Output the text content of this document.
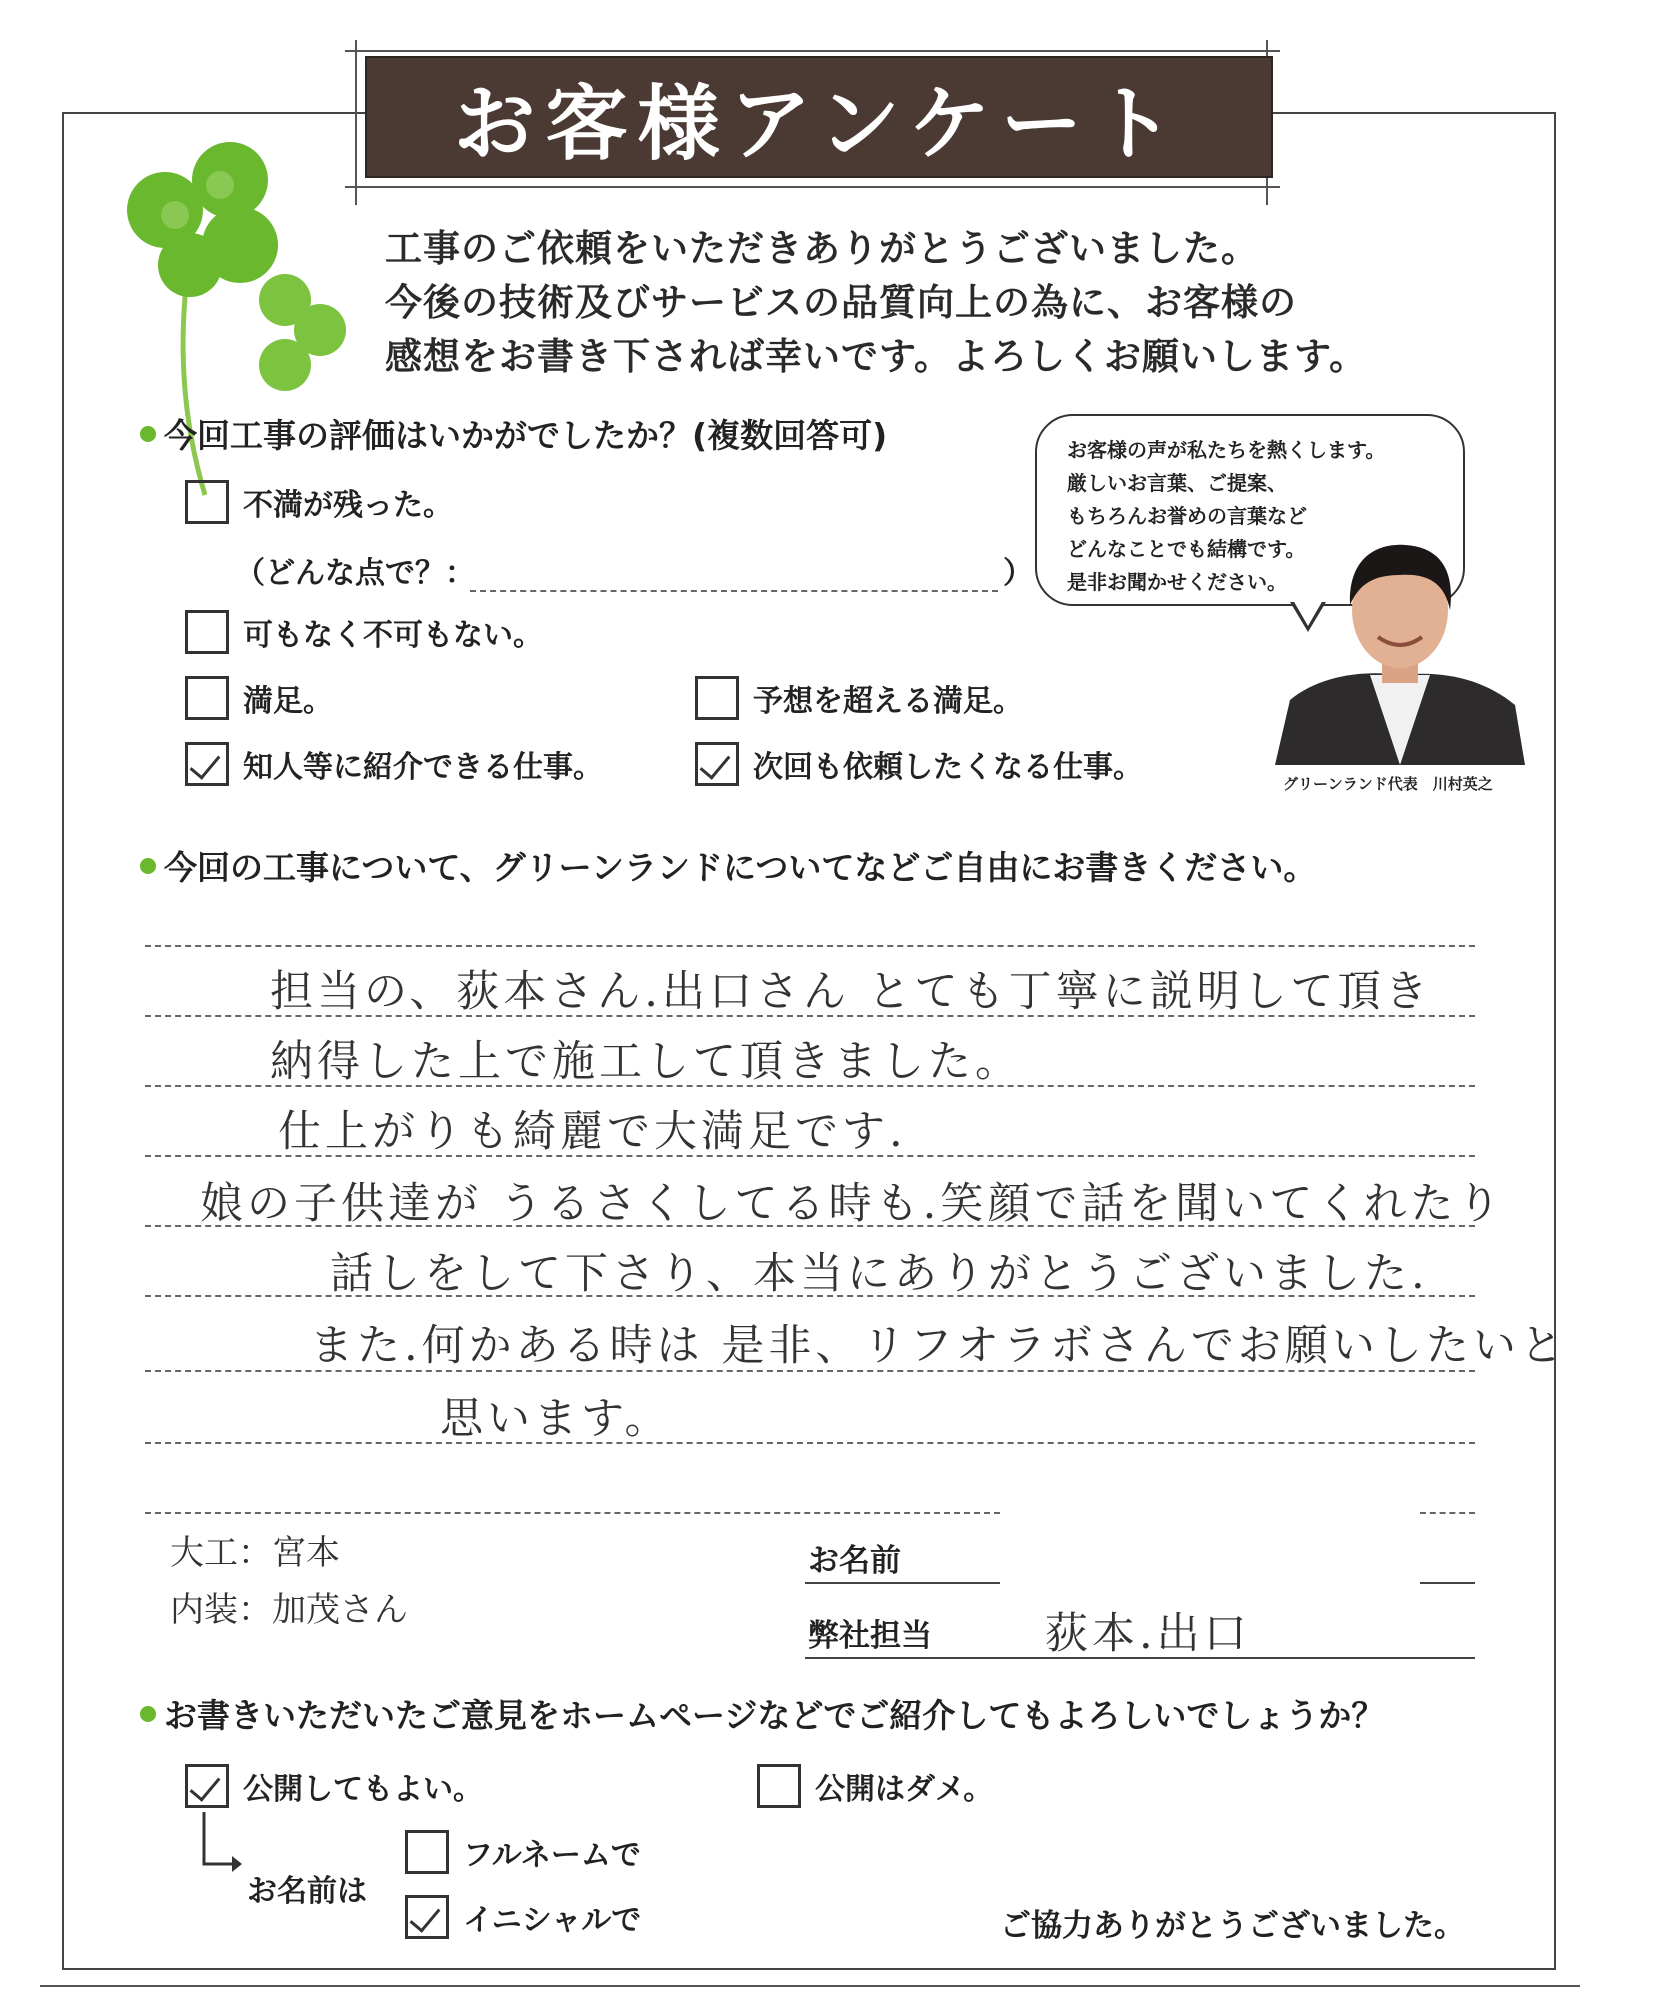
お客様アンケート
工事のご依頼をいただきありがとうございました。
今後の技術及びサービスの品質向上の為に、お客様の
感想をお書き下されば幸いです。よろしくお願いします。
今回工事の評価はいかがでしたか？(複数回答可)
不満が残った。
（どんな点で？：	）
可もなく不可もない。
満足。	予想を超える満足。
知人等に紹介できる仕事。	次回も依頼したくなる仕事。
お客様の声が私たちを熱くします。
厳しいお言葉、ご提案、
もちろんお誉めの言葉など
どんなことでも結構です。
是非お聞かせください。
グリーンランド代表　川村英之
今回の工事について、グリーンランドについてなどご自由にお書きください。
担当の、荻本さん.出口さん とても丁寧に説明して頂き
納得した上で施工して頂きました。
仕上がりも綺麗で大満足です.
娘の子供達が うるさくしてる時も.笑顔で話を聞いてくれたり
話しをして下さり、本当にありがとうございました.
また.何かある時は 是非、リフオラボさんでお願いしたいと
思います。
大工：宮本
内装：加茂さん
お名前
弊社担当	荻本.出口
お書きいただいたご意見をホームページなどでご紹介してもよろしいでしょうか？
公開してもよい。	公開はダメ。
お名前は
フルネームで
イニシャルで	ご協力ありがとうございました。
